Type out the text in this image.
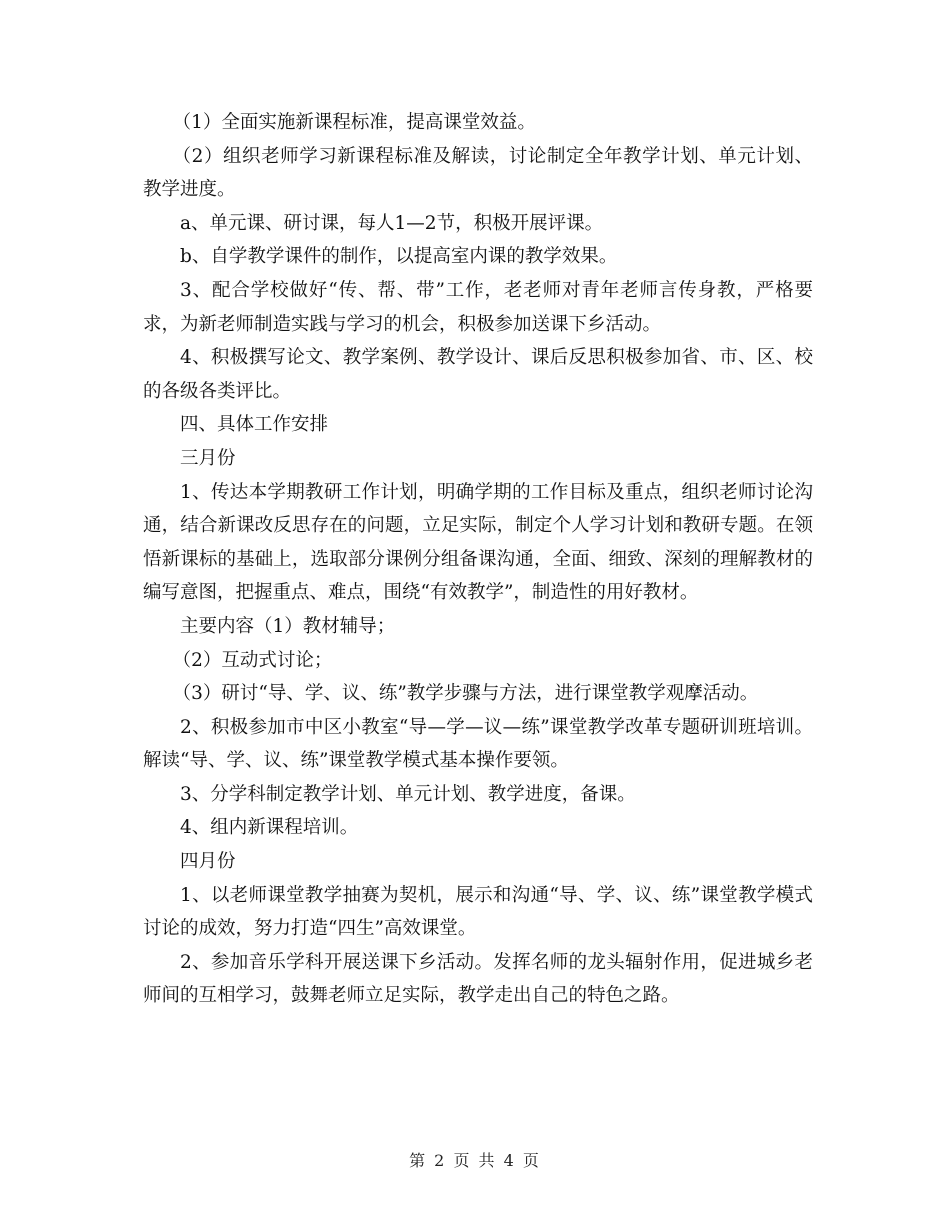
（1）全面实施新课程标准，提高课堂效益。

（2）组织老师学习新课程标准及解读，讨论制定全年教学计划、单元计划、教学进度。

a、单元课、研讨课，每人1—2节，积极开展评课。

b、自学教学课件的制作，以提高室内课的教学效果。

3、配合学校做好“传、帮、带”工作，老老师对青年老师言传身教，严格要求，为新老师制造实践与学习的机会，积极参加送课下乡活动。

4、积极撰写论文、教学案例、教学设计、课后反思积极参加省、市、区、校的各级各类评比。

四、具体工作安排

三月份

1、传达本学期教研工作计划，明确学期的工作目标及重点，组织老师讨论沟通，结合新课改反思存在的问题，立足实际，制定个人学习计划和教研专题。在领悟新课标的基础上，选取部分课例分组备课沟通，全面、细致、深刻的理解教材的编写意图，把握重点、难点，围绕“有效教学”，制造性的用好教材。

主要内容（1）教材辅导；

（2）互动式讨论；

（3）研讨“导、学、议、练”教学步骤与方法，进行课堂教学观摩活动。

2、积极参加市中区小教室“导—学—议—练”课堂教学改革专题研训班培训。解读“导、学、议、练”课堂教学模式基本操作要领。

3、分学科制定教学计划、单元计划、教学进度，备课。

4、组内新课程培训。

四月份

1、以老师课堂教学抽赛为契机，展示和沟通“导、学、议、练”课堂教学模式讨论的成效，努力打造“四生”高效课堂。

2、参加音乐学科开展送课下乡活动。发挥名师的龙头辐射作用，促进城乡老师间的互相学习，鼓舞老师立足实际，教学走出自己的特色之路。

第 2 页 共 4 页
